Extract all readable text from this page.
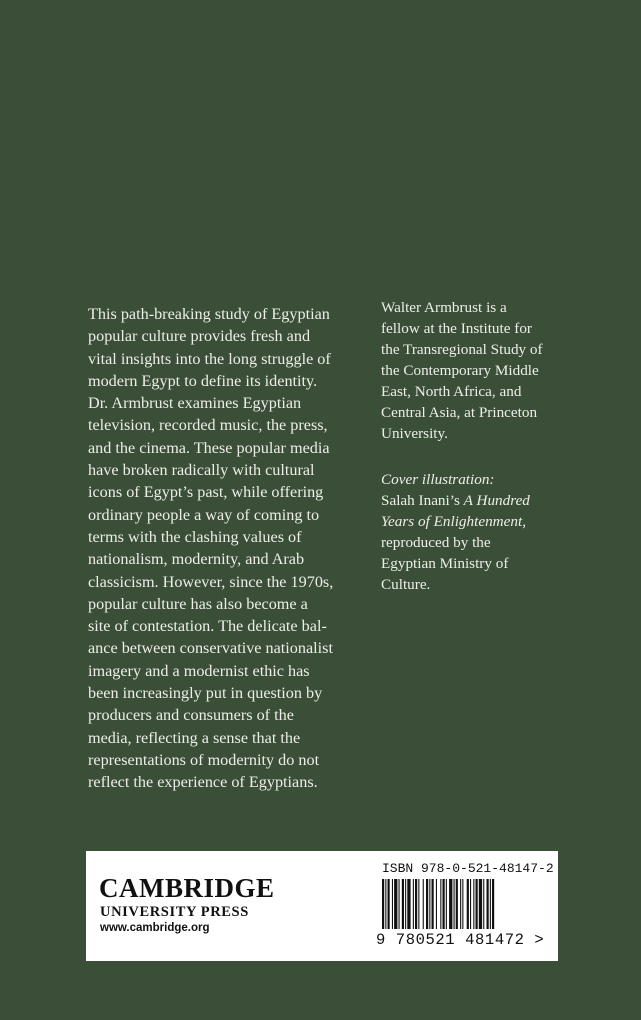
This path-breaking study of Egyptian
popular culture provides fresh and
vital insights into the long struggle of
modern Egypt to define its identity.
Dr. Armbrust examines Egyptian
television, recorded music, the press,
and the cinema. These popular media
have broken radically with cultural
icons of Egypt’s past, while offering
ordinary people a way of coming to
terms with the clashing values of
nationalism, modernity, and Arab
classicism. However, since the 1970s,
popular culture has also become a
site of contestation. The delicate bal-
ance between conservative nationalist
imagery and a modernist ethic has
been increasingly put in question by
producers and consumers of the
media, reflecting a sense that the
representations of modernity do not
reflect the experience of Egyptians.
Walter Armbrust is a
fellow at the Institute for
the Transregional Study of
the Contemporary Middle
East, North Africa, and
Central Asia, at Princeton
University.
Cover illustration:
Salah Inani’s A Hundred
Years of Enlightenment,
reproduced by the
Egyptian Ministry of
Culture.
CAMBRIDGE
UNIVERSITY PRESS
www.cambridge.org
ISBN 978-0-521-48147-2
9 780521 481472 >
